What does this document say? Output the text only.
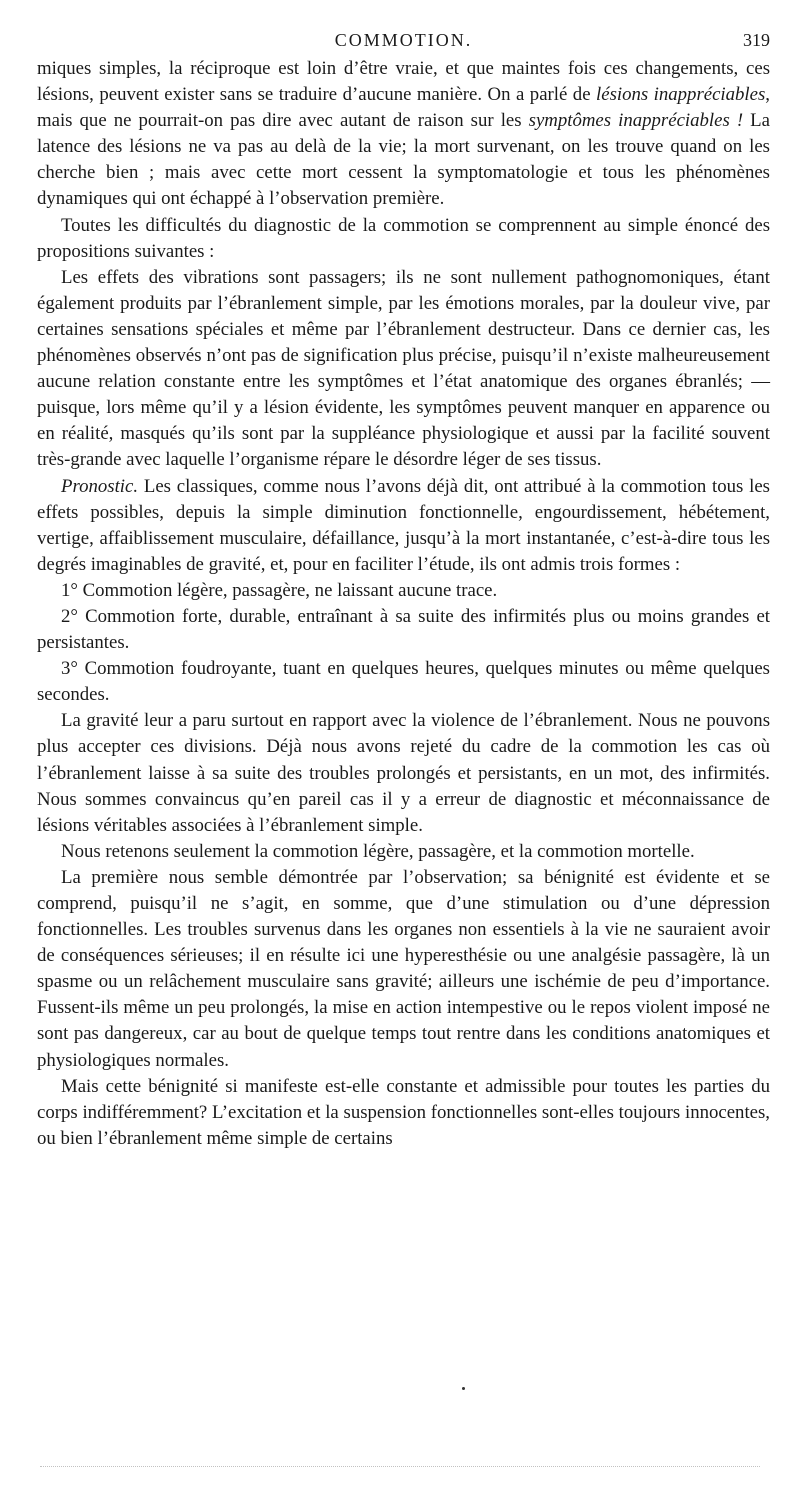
COMMOTION.	319

miques simples, la réciproque est loin d’être vraie, et que maintes fois ces changements, ces lésions, peuvent exister sans se traduire d’aucune manière. On a parlé de lésions inappréciables, mais que ne pourrait-on pas dire avec autant de raison sur les symptômes inappréciables ! La latence des lésions ne va pas au delà de la vie; la mort survenant, on les trouve quand on les cherche bien ; mais avec cette mort cessent la symptomatologie et tous les phénomènes dynamiques qui ont échappé à l’observation première.

Toutes les difficultés du diagnostic de la commotion se comprennent au simple énoncé des propositions suivantes :

Les effets des vibrations sont passagers; ils ne sont nullement pathognomoniques, étant également produits par l’ébranlement simple, par les émotions morales, par la douleur vive, par certaines sensations spéciales et même par l’ébranlement destructeur. Dans ce dernier cas, les phénomènes observés n’ont pas de signification plus précise, puisqu’il n’existe malheureusement aucune relation constante entre les symptômes et l’état anatomique des organes ébranlés; — puisque, lors même qu’il y a lésion évidente, les symptômes peuvent manquer en apparence ou en réalité, masqués qu’ils sont par la suppléance physiologique et aussi par la facilité souvent très-grande avec laquelle l’organisme répare le désordre léger de ses tissus.

Pronostic. Les classiques, comme nous l’avons déjà dit, ont attribué à la commotion tous les effets possibles, depuis la simple diminution fonctionnelle, engourdissement, hébétement, vertige, affaiblissement musculaire, défaillance, jusqu’à la mort instantanée, c’est-à-dire tous les degrés imaginables de gravité, et, pour en faciliter l’étude, ils ont admis trois formes :

1° Commotion légère, passagère, ne laissant aucune trace.

2° Commotion forte, durable, entraînant à sa suite des infirmités plus ou moins grandes et persistantes.

3° Commotion foudroyante, tuant en quelques heures, quelques minutes ou même quelques secondes.

La gravité leur a paru surtout en rapport avec la violence de l’ébranlement. Nous ne pouvons plus accepter ces divisions. Déjà nous avons rejeté du cadre de la commotion les cas où l’ébranlement laisse à sa suite des troubles prolongés et persistants, en un mot, des infirmités. Nous sommes convaincus qu’en pareil cas il y a erreur de diagnostic et méconnaissance de lésions véritables associées à l’ébranlement simple.

Nous retenons seulement la commotion légère, passagère, et la commotion mortelle.

La première nous semble démontrée par l’observation; sa bénignité est évidente et se comprend, puisqu’il ne s’agit, en somme, que d’une stimulation ou d’une dépression fonctionnelles. Les troubles survenus dans les organes non essentiels à la vie ne sauraient avoir de conséquences sérieuses; il en résulte ici une hyperesthésie ou une analgésie passagère, là un spasme ou un relâchement musculaire sans gravité; ailleurs une ischémie de peu d’importance. Fussent-ils même un peu prolongés, la mise en action intempestive ou le repos violent imposé ne sont pas dangereux, car au bout de quelque temps tout rentre dans les conditions anatomiques et physiologiques normales.

Mais cette bénignité si manifeste est-elle constante et admissible pour toutes les parties du corps indifféremment? L’excitation et la suspension fonctionnelles sont-elles toujours innocentes, ou bien l’ébranlement même simple de certains
